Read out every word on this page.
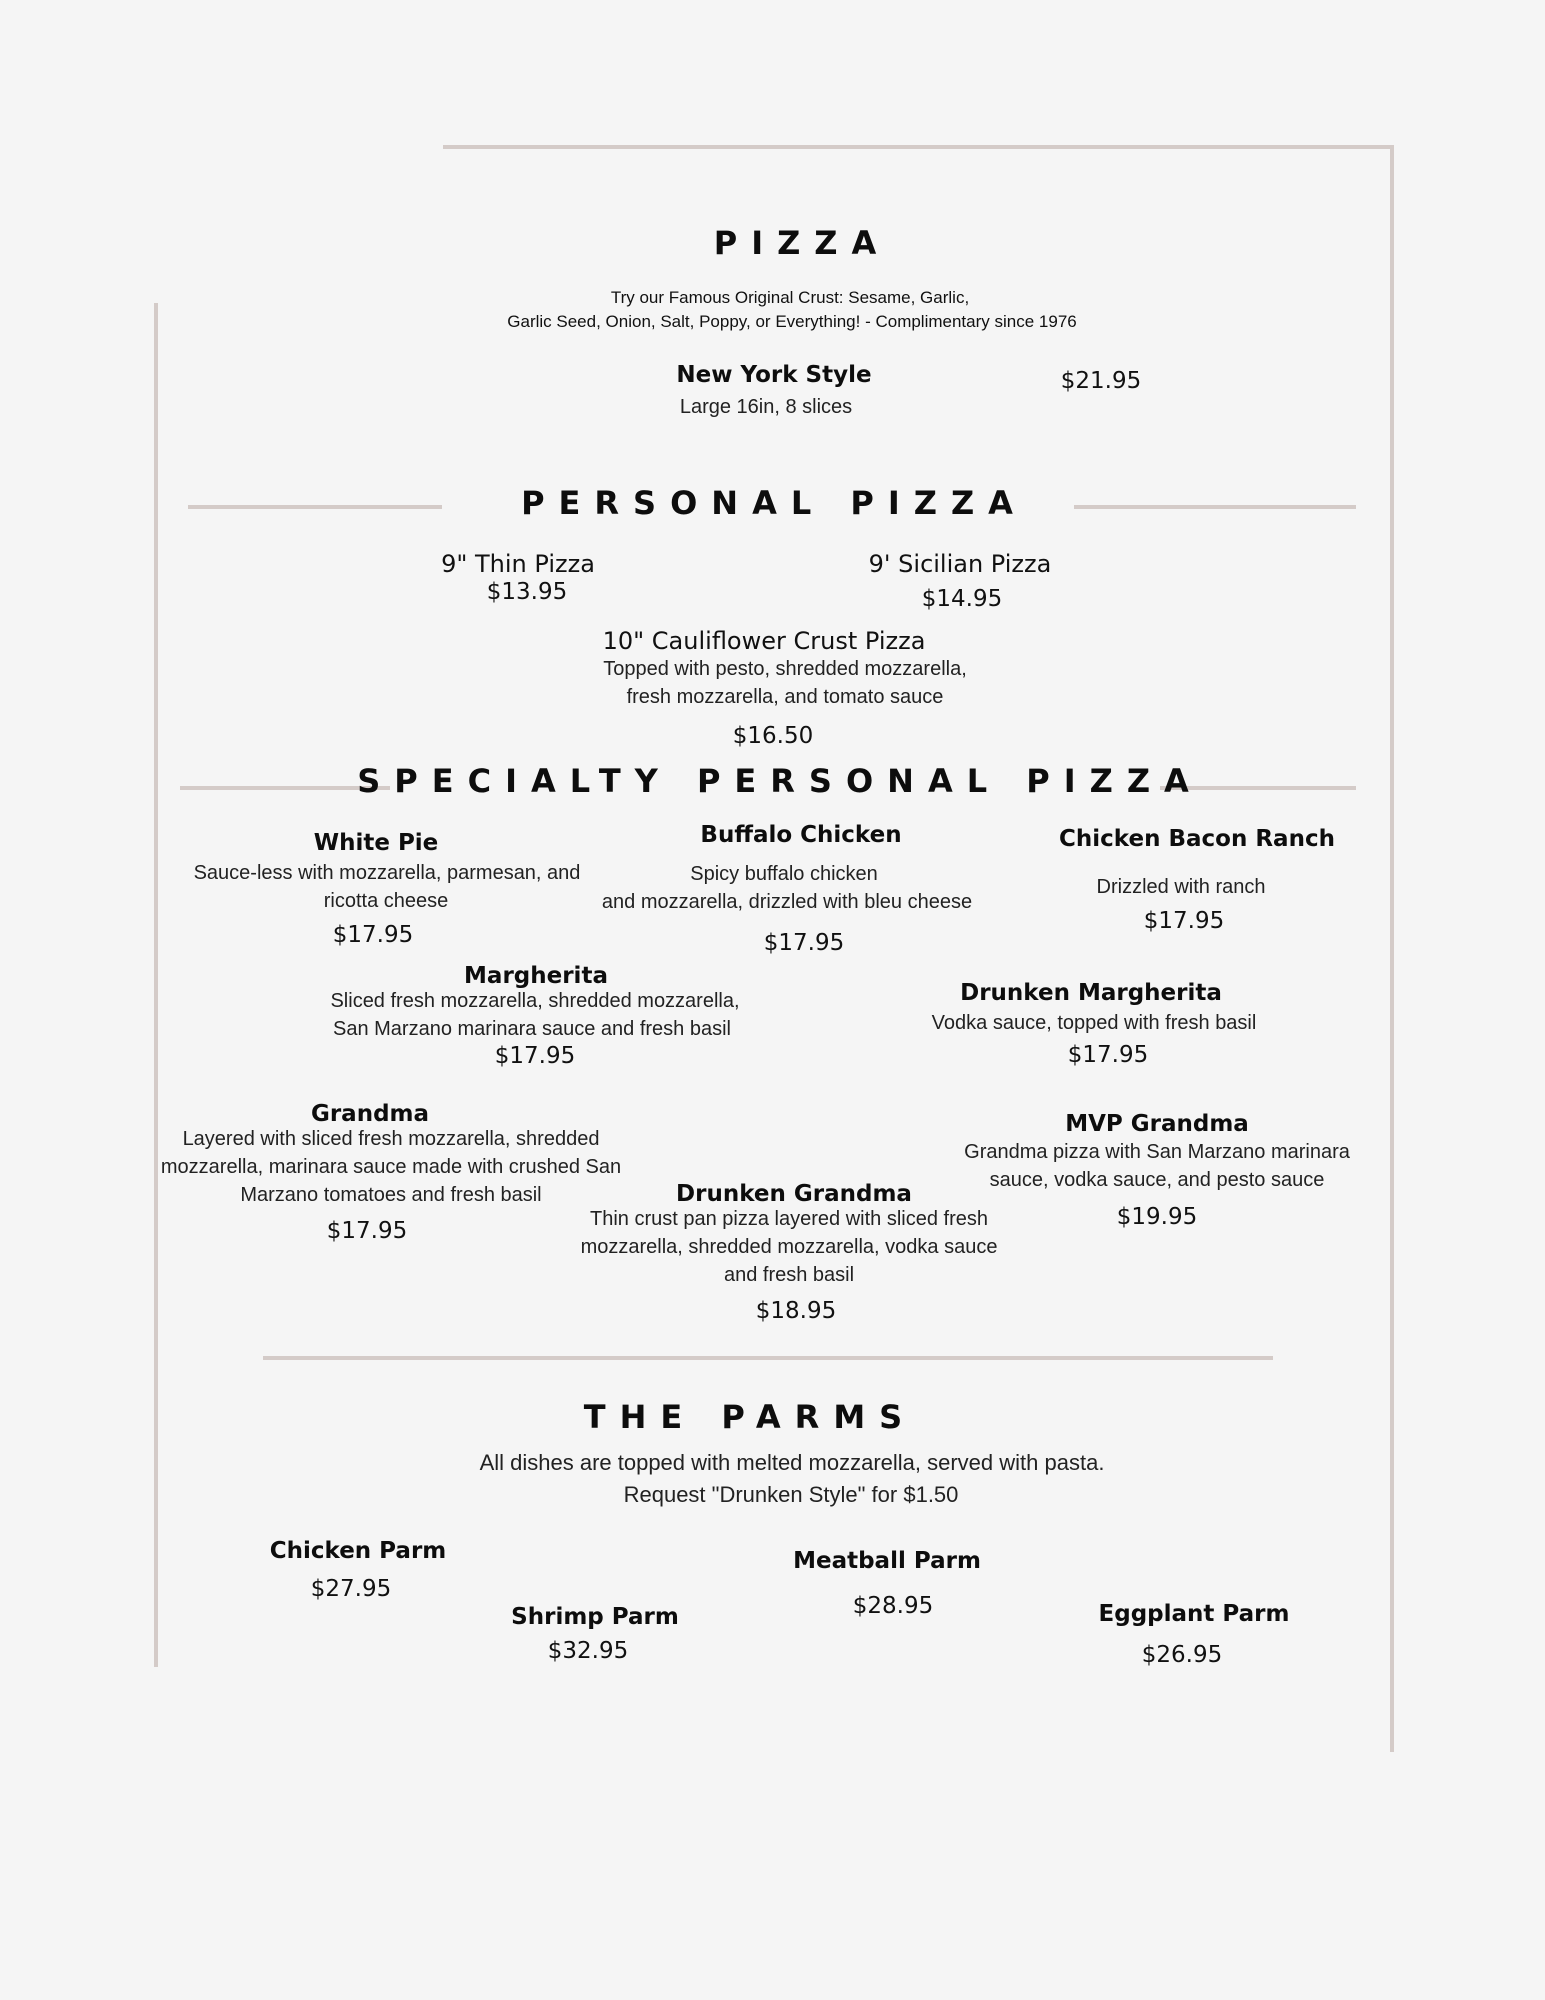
PIZZA
Try our Famous Original Crust: Sesame, Garlic,
Garlic Seed, Onion, Salt, Poppy, or Everything! - Complimentary since 1976
New York Style
Large 16in, 8 slices
$21.95
PERSONAL PIZZA
9" Thin Pizza
$13.95
9' Sicilian Pizza
$14.95
10" Cauliflower Crust Pizza
Topped with pesto, shredded mozzarella,
fresh mozzarella, and tomato sauce
$16.50
SPECIALTY PERSONAL PIZZA
White Pie
Sauce-less with mozzarella, parmesan, and
ricotta cheese
$17.95
Buffalo Chicken
Spicy buffalo chicken
and mozzarella, drizzled with bleu cheese
$17.95
Chicken Bacon Ranch
Drizzled with ranch
$17.95
Margherita
Sliced fresh mozzarella, shredded mozzarella,
San Marzano marinara sauce and fresh basil
$17.95
Drunken Margherita
Vodka sauce, topped with fresh basil
$17.95
Grandma
Layered with sliced fresh mozzarella, shredded
mozzarella, marinara sauce made with crushed San
Marzano tomatoes and fresh basil
$17.95
MVP Grandma
Grandma pizza with San Marzano marinara
sauce, vodka sauce, and pesto sauce
$19.95
Drunken Grandma
Thin crust pan pizza layered with sliced fresh
mozzarella, shredded mozzarella, vodka sauce
and fresh basil
$18.95
THE PARMS
All dishes are topped with melted mozzarella, served with pasta.
Request "Drunken Style" for $1.50
Chicken Parm
$27.95
Shrimp Parm
$32.95
Meatball Parm
$28.95	Eggplant Parm
$26.95
